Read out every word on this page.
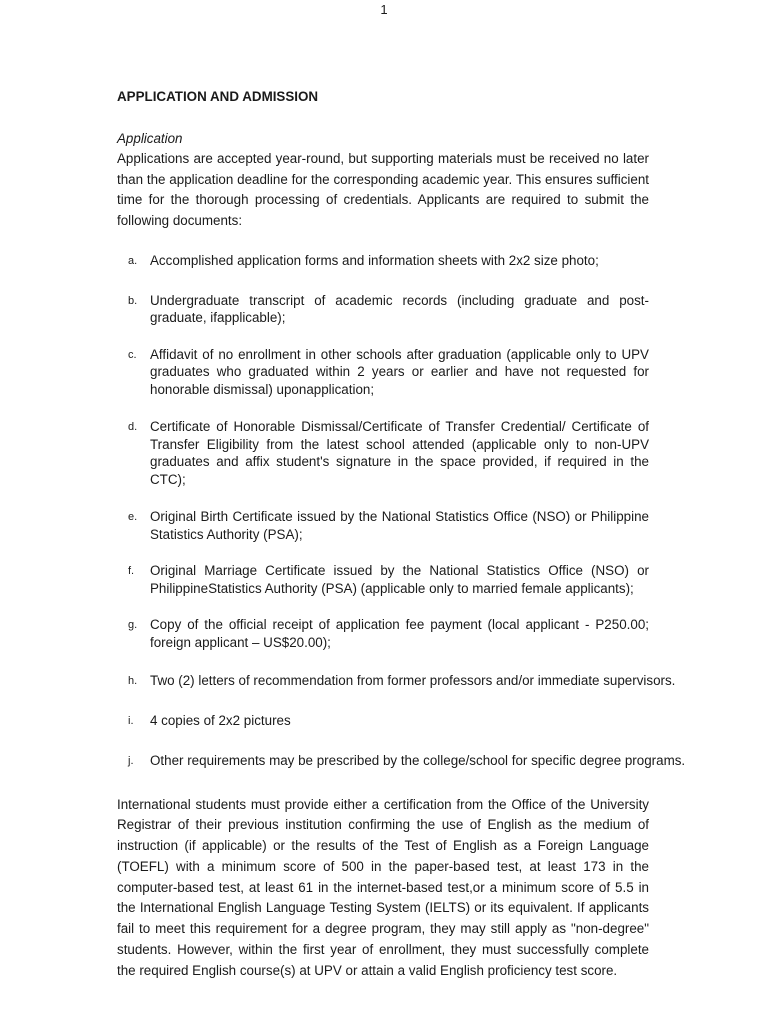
1

APPLICATION AND ADMISSION

Application

Applications are accepted year-round, but supporting materials must be received no later than the application deadline for the corresponding academic year. This ensures sufficient time for the thorough processing of credentials. Applicants are required to submit the following documents:

a. Accomplished application forms and information sheets with 2x2 size photo;
b. Undergraduate transcript of academic records (including graduate and post-graduate, ifapplicable);
c. Affidavit of no enrollment in other schools after graduation (applicable only to UPV graduates who graduated within 2 years or earlier and have not requested for honorable dismissal) uponapplication;
d. Certificate of Honorable Dismissal/Certificate of Transfer Credential/ Certificate of Transfer Eligibility from the latest school attended (applicable only to non-UPV graduates and affix student's signature in the space provided, if required in the CTC);
e. Original Birth Certificate issued by the National Statistics Office (NSO) or Philippine Statistics Authority (PSA);
f. Original Marriage Certificate issued by the National Statistics Office (NSO) or PhilippineStatistics Authority (PSA) (applicable only to married female applicants);
g. Copy of the official receipt of application fee payment (local applicant - P250.00; foreign applicant – US$20.00);
h. Two (2) letters of recommendation from former professors and/or immediate supervisors.
i. 4 copies of 2x2 pictures
j. Other requirements may be prescribed by the college/school for specific degree programs.

International students must provide either a certification from the Office of the University Registrar of their previous institution confirming the use of English as the medium of instruction (if applicable) or the results of the Test of English as a Foreign Language (TOEFL) with a minimum score of 500 in the paper-based test, at least 173 in the computer-based test, at least 61 in the internet-based test,or a minimum score of 5.5 in the International English Language Testing System (IELTS) or its equivalent. If applicants fail to meet this requirement for a degree program, they may still apply as "non-degree" students. However, within the first year of enrollment, they must successfully complete the required English course(s) at UPV or attain a valid English proficiency test score.
